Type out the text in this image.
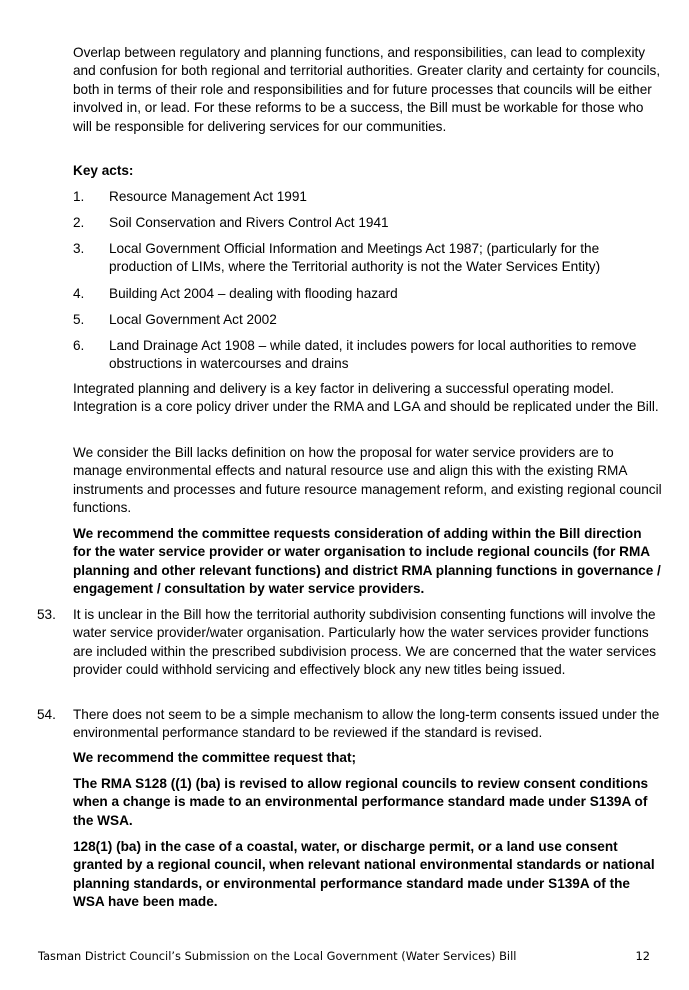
Overlap between regulatory and planning functions, and responsibilities, can lead to complexity and confusion for both regional and territorial authorities. Greater clarity and certainty for councils, both in terms of their role and responsibilities and for future processes that councils will be either involved in, or lead. For these reforms to be a success, the Bill must be workable for those who will be responsible for delivering services for our communities.

Key acts:

1.	Resource Management Act 1991
2.	Soil Conservation and Rivers Control Act 1941
3.	Local Government Official Information and Meetings Act 1987; (particularly for the production of LIMs, where the Territorial authority is not the Water Services Entity)
4.	Building Act 2004 – dealing with flooding hazard
5.	Local Government Act 2002
6.	Land Drainage Act 1908 – while dated, it includes powers for local authorities to remove obstructions in watercourses and drains

Integrated planning and delivery is a key factor in delivering a successful operating model. Integration is a core policy driver under the RMA and LGA and should be replicated under the Bill.

We consider the Bill lacks definition on how the proposal for water service providers are to manage environmental effects and natural resource use and align this with the existing RMA instruments and processes and future resource management reform, and existing regional council functions.

We recommend the committee requests consideration of adding within the Bill direction for the water service provider or water organisation to include regional councils (for RMA planning and other relevant functions) and district RMA planning functions in governance / engagement / consultation by water service providers.

53.	It is unclear in the Bill how the territorial authority subdivision consenting functions will involve the water service provider/water organisation. Particularly how the water services provider functions are included within the prescribed subdivision process. We are concerned that the water services provider could withhold servicing and effectively block any new titles being issued.

54.	There does not seem to be a simple mechanism to allow the long-term consents issued under the environmental performance standard to be reviewed if the standard is revised.

We recommend the committee request that;

The RMA S128 ((1) (ba) is revised to allow regional councils to review consent conditions when a change is made to an environmental performance standard made under S139A of the WSA.

128(1) (ba) in the case of a coastal, water, or discharge permit, or a land use consent granted by a regional council, when relevant national environmental standards or national planning standards, or environmental performance standard made under S139A of the WSA have been made.

Tasman District Council’s Submission on the Local Government (Water Services) Bill	12
